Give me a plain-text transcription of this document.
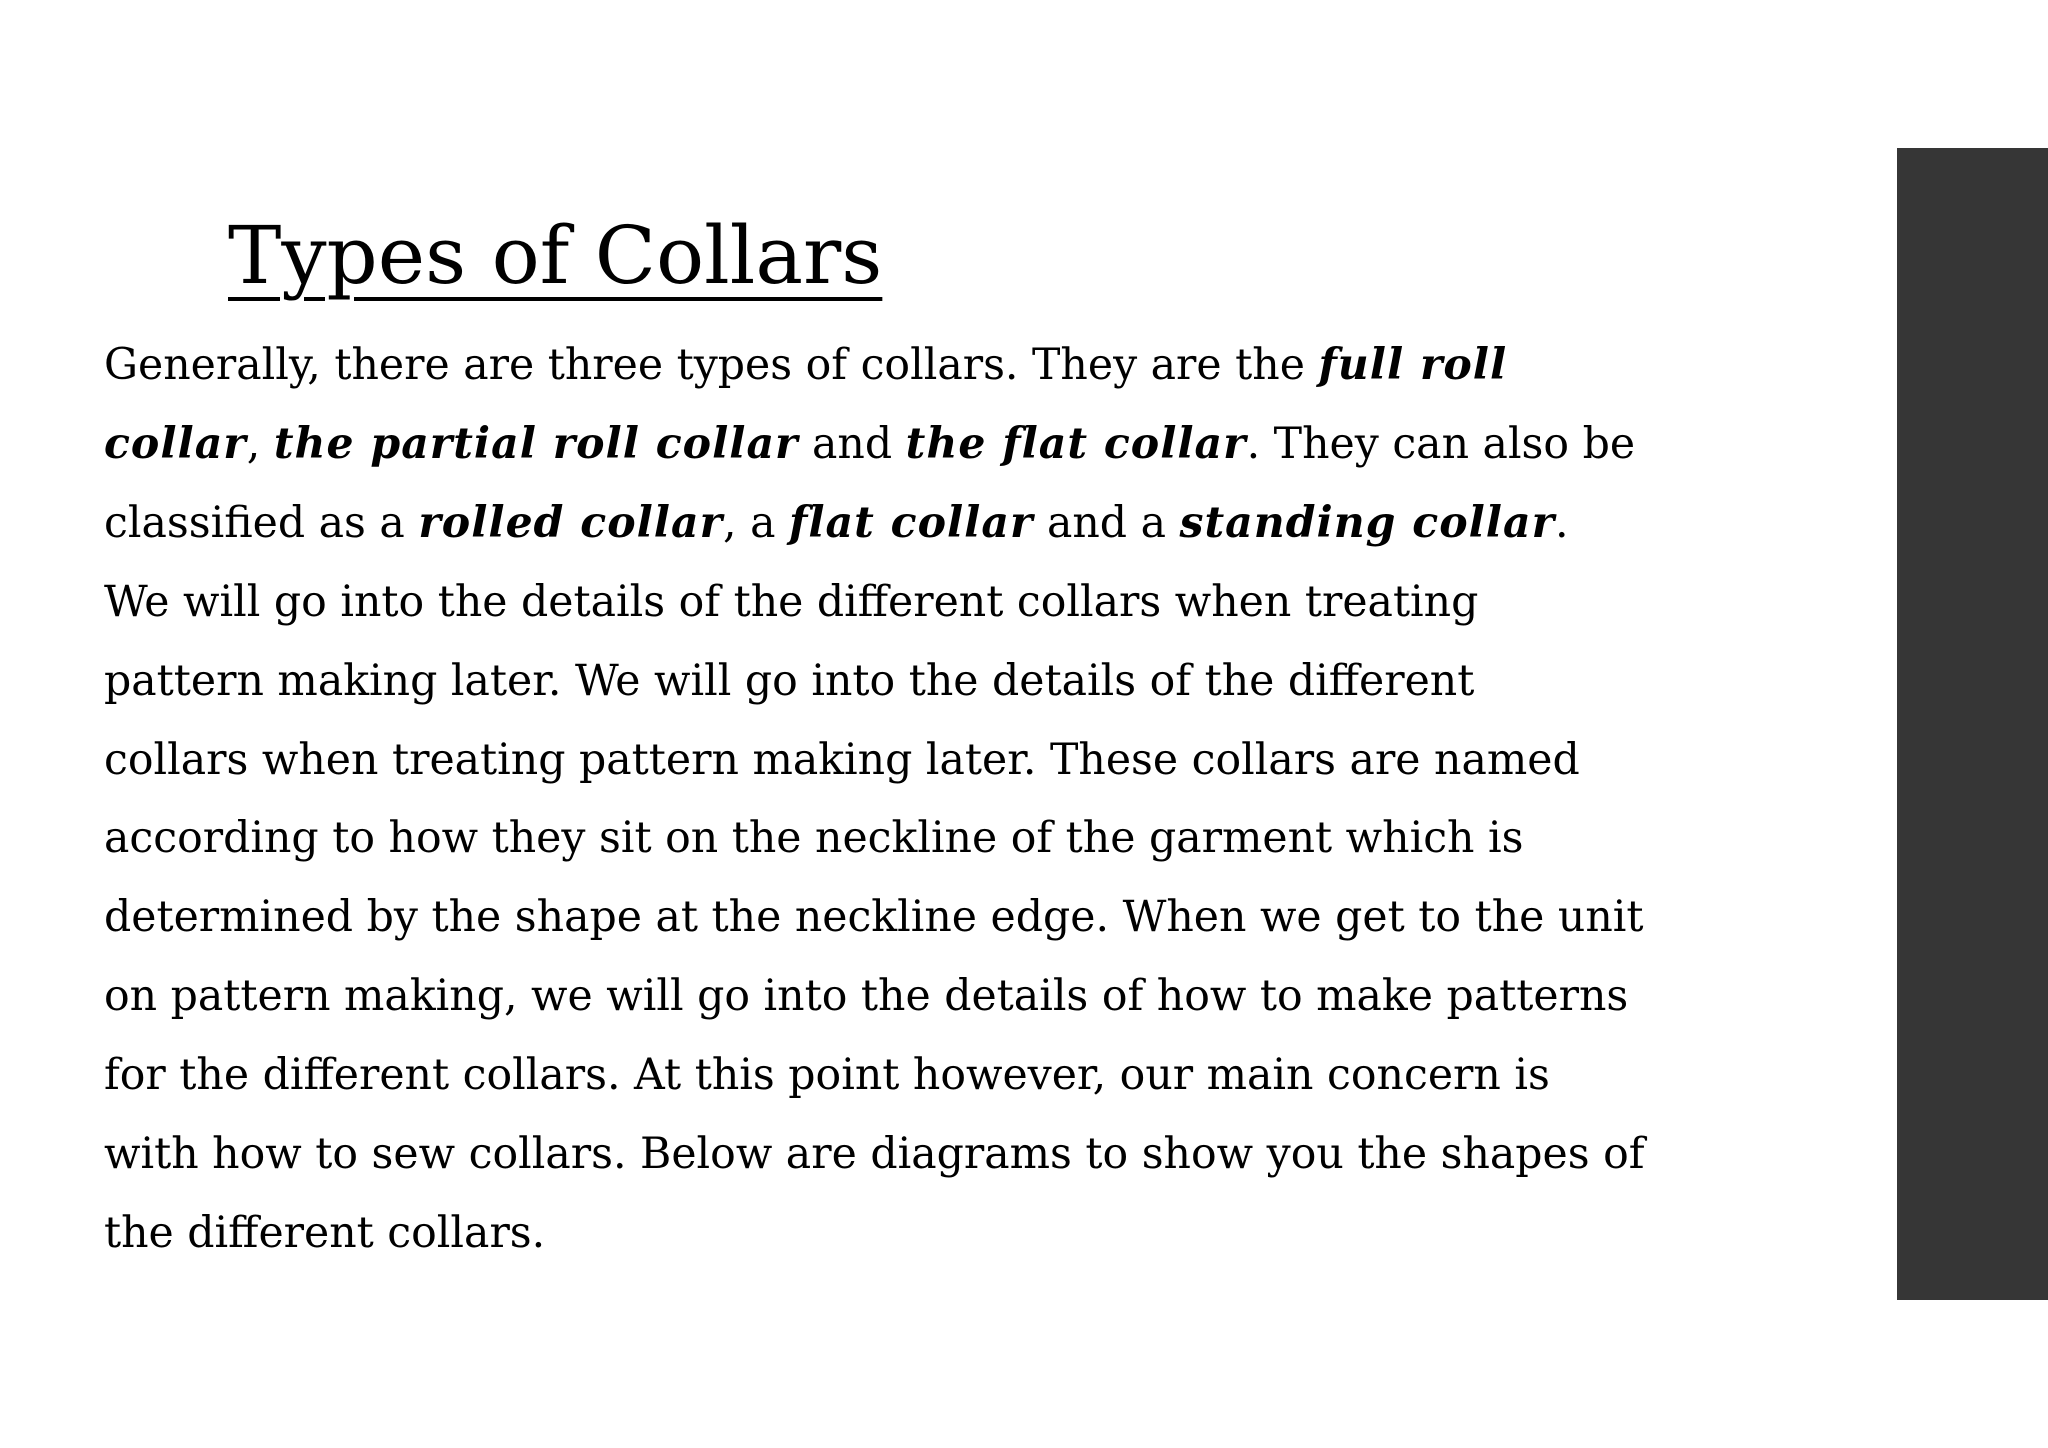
Types of Collars
Generally, there are three types of collars. They are the full roll
collar, the partial roll collar and the flat collar. They can also be
classified as a rolled collar, a flat collar and a standing collar.
We will go into the details of the different collars when treating
pattern making later. We will go into the details of the different
collars when treating pattern making later. These collars are named
according to how they sit on the neckline of the garment which is
determined by the shape at the neckline edge. When we get to the unit
on pattern making, we will go into the details of how to make patterns
for the different collars. At this point however, our main concern is
with how to sew collars. Below are diagrams to show you the shapes of
the different collars.
